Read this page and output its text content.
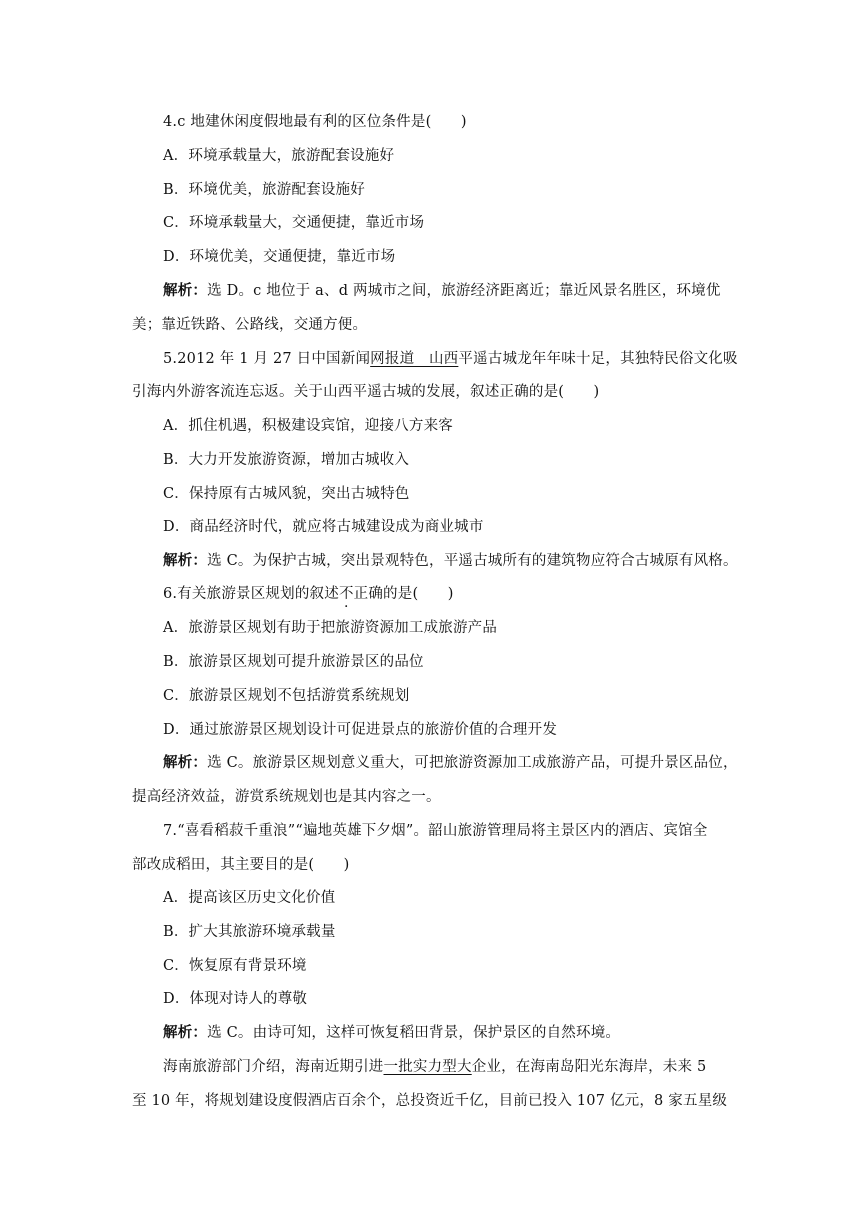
4.c 地建休闲度假地最有利的区位条件是(　　)
A．环境承载量大，旅游配套设施好
B．环境优美，旅游配套设施好
C．环境承载量大，交通便捷，靠近市场
D．环境优美，交通便捷，靠近市场
解析：选 D。c 地位于 a、d 两城市之间，旅游经济距离近；靠近风景名胜区，环境优
美；靠近铁路、公路线，交通方便。
5.2012 年 1 月 27 日中国新闻网报道　山西平遥古城龙年年味十足，其独特民俗文化吸
引海内外游客流连忘返。关于山西平遥古城的发展，叙述正确的是(　　)
A．抓住机遇，积极建设宾馆，迎接八方来客
B．大力开发旅游资源，增加古城收入
C．保持原有古城风貌，突出古城特色
D．商品经济时代，就应将古城建设成为商业城市
解析：选 C。为保护古城，突出景观特色，平遥古城所有的建筑物应符合古城原有风格。
6.有关旅游景区规划的叙述不正确的是(　　)
A．旅游景区规划有助于把旅游资源加工成旅游产品
B．旅游景区规划可提升旅游景区的品位
C．旅游景区规划不包括游赏系统规划
D．通过旅游景区规划设计可促进景点的旅游价值的合理开发
解析：选 C。旅游景区规划意义重大，可把旅游资源加工成旅游产品，可提升景区品位，
提高经济效益，游赏系统规划也是其内容之一。
7.“喜看稻菽千重浪”“遍地英雄下夕烟”。韶山旅游管理局将主景区内的酒店、宾馆全
部改成稻田，其主要目的是(　　)
A．提高该区历史文化价值
B．扩大其旅游环境承载量
C．恢复原有背景环境
D．体现对诗人的尊敬
解析：选 C。由诗可知，这样可恢复稻田背景，保护景区的自然环境。
海南旅游部门介绍，海南近期引进一批实力型大企业，在海南岛阳光东海岸，未来 5
至 10 年，将规划建设度假酒店百余个，总投资近千亿，目前已投入 107 亿元，8 家五星级
